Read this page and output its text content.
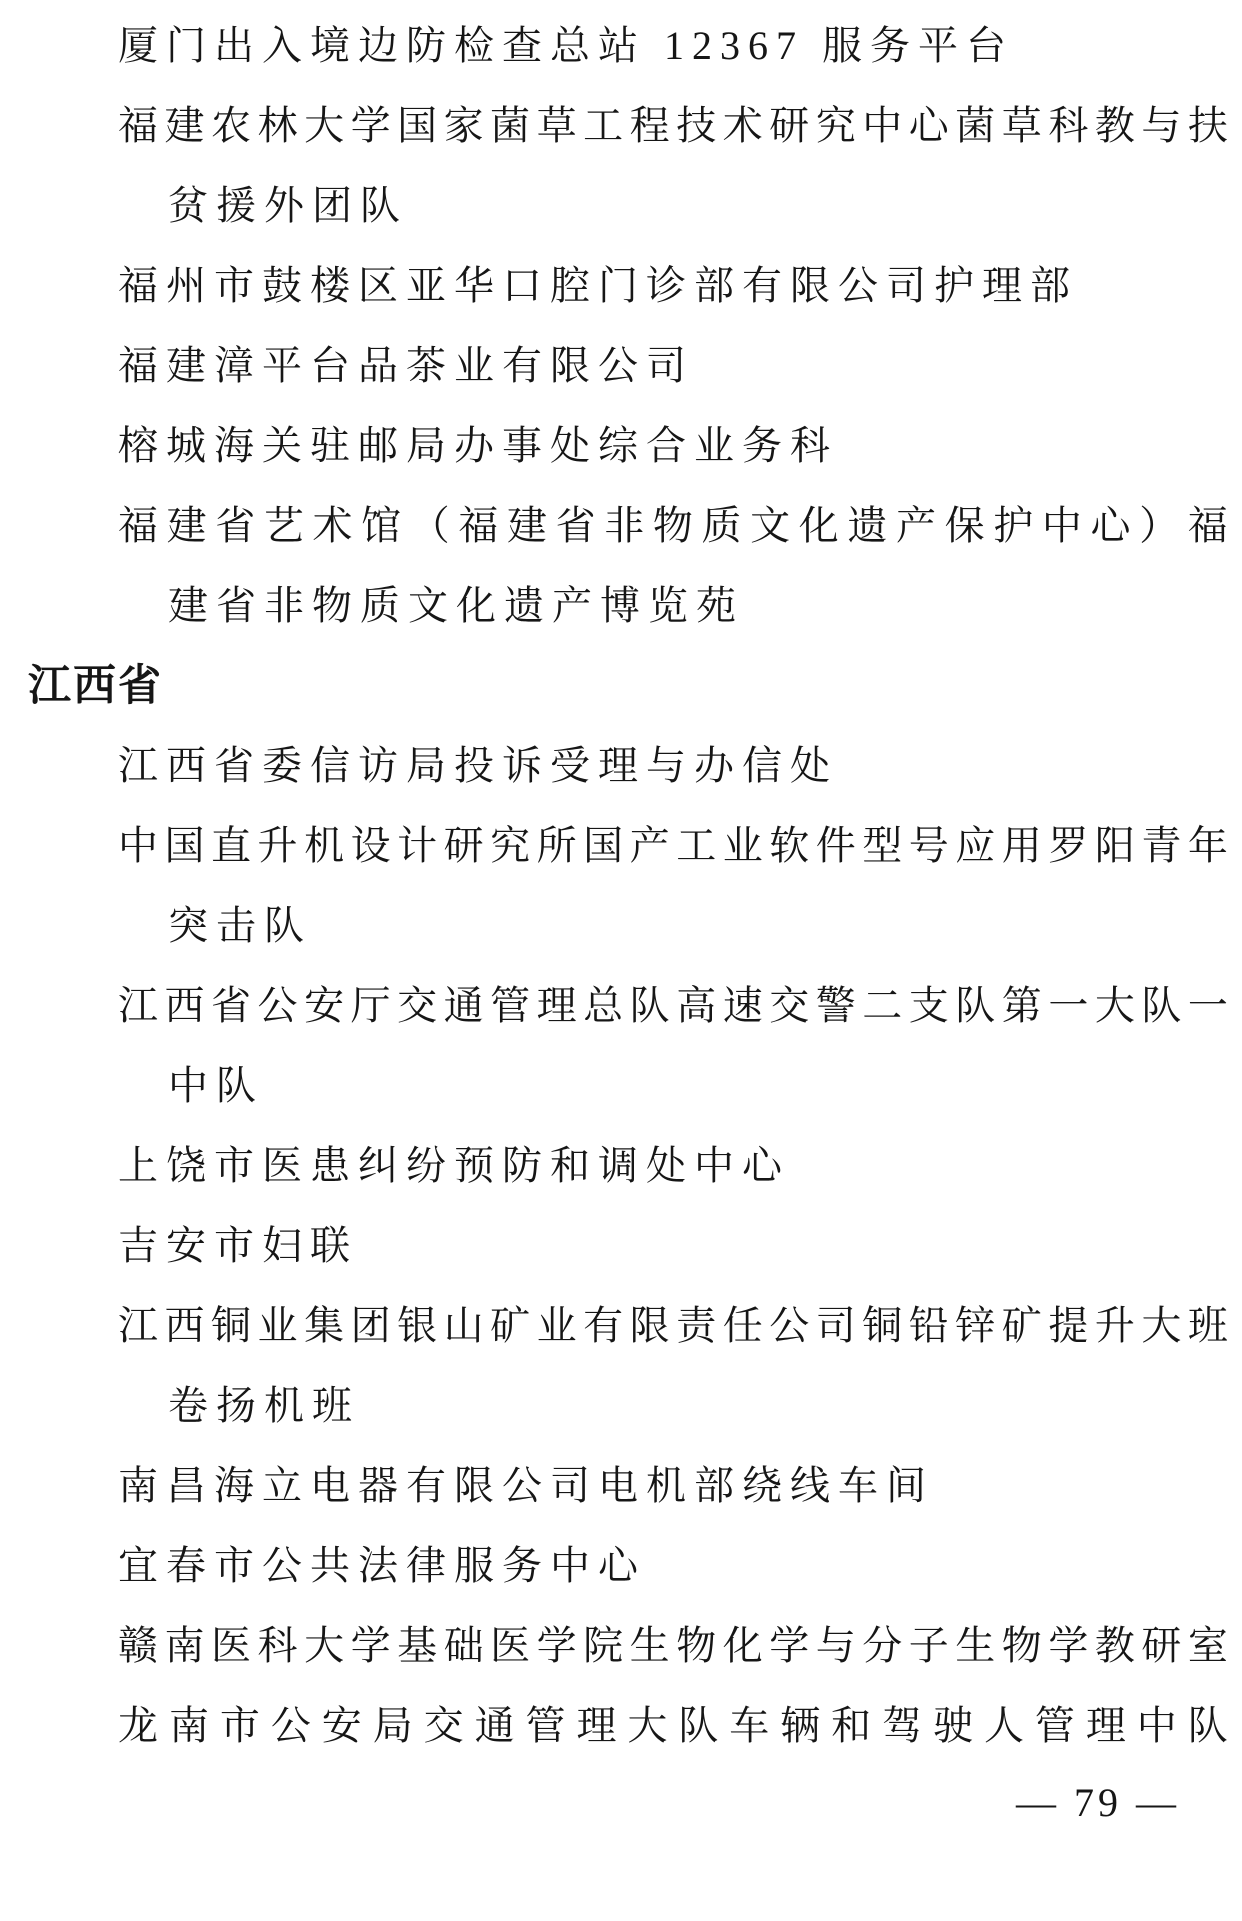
厦门出入境边防检查总站 12367 服务平台
福 建 农 林 大 学 国 家 菌 草 工 程 技 术 研 究 中 心 菌 草 科 教 与 扶
贫援外团队
福州市鼓楼区亚华口腔门诊部有限公司护理部
福建漳平台品茶业有限公司
榕城海关驻邮局办事处综合业务科
福 建 省 艺 术 馆 （ 福 建 省 非 物 质 文 化 遗 产 保 护 中 心 ） 福
建省非物质文化遗产博览苑
江西省
江西省委信访局投诉受理与办信处
中 国 直 升 机 设 计 研 究 所 国 产 工 业 软 件 型 号 应 用 罗 阳 青 年
突击队
江 西 省 公 安 厅 交 通 管 理 总 队 高 速 交 警 二 支 队 第 一 大 队 一
中队
上饶市医患纠纷预防和调处中心
吉安市妇联
江 西 铜 业 集 团 银 山 矿 业 有 限 责 任 公 司 铜 铅 锌 矿 提 升 大 班
卷扬机班
南昌海立电器有限公司电机部绕线车间
宜春市公共法律服务中心
赣 南 医 科 大 学 基 础 医 学 院 生 物 化 学 与 分 子 生 物 学 教 研 室
龙 南 市 公 安 局 交 通 管 理 大 队 车 辆 和 驾 驶 人 管 理 中 队
— 79 —
